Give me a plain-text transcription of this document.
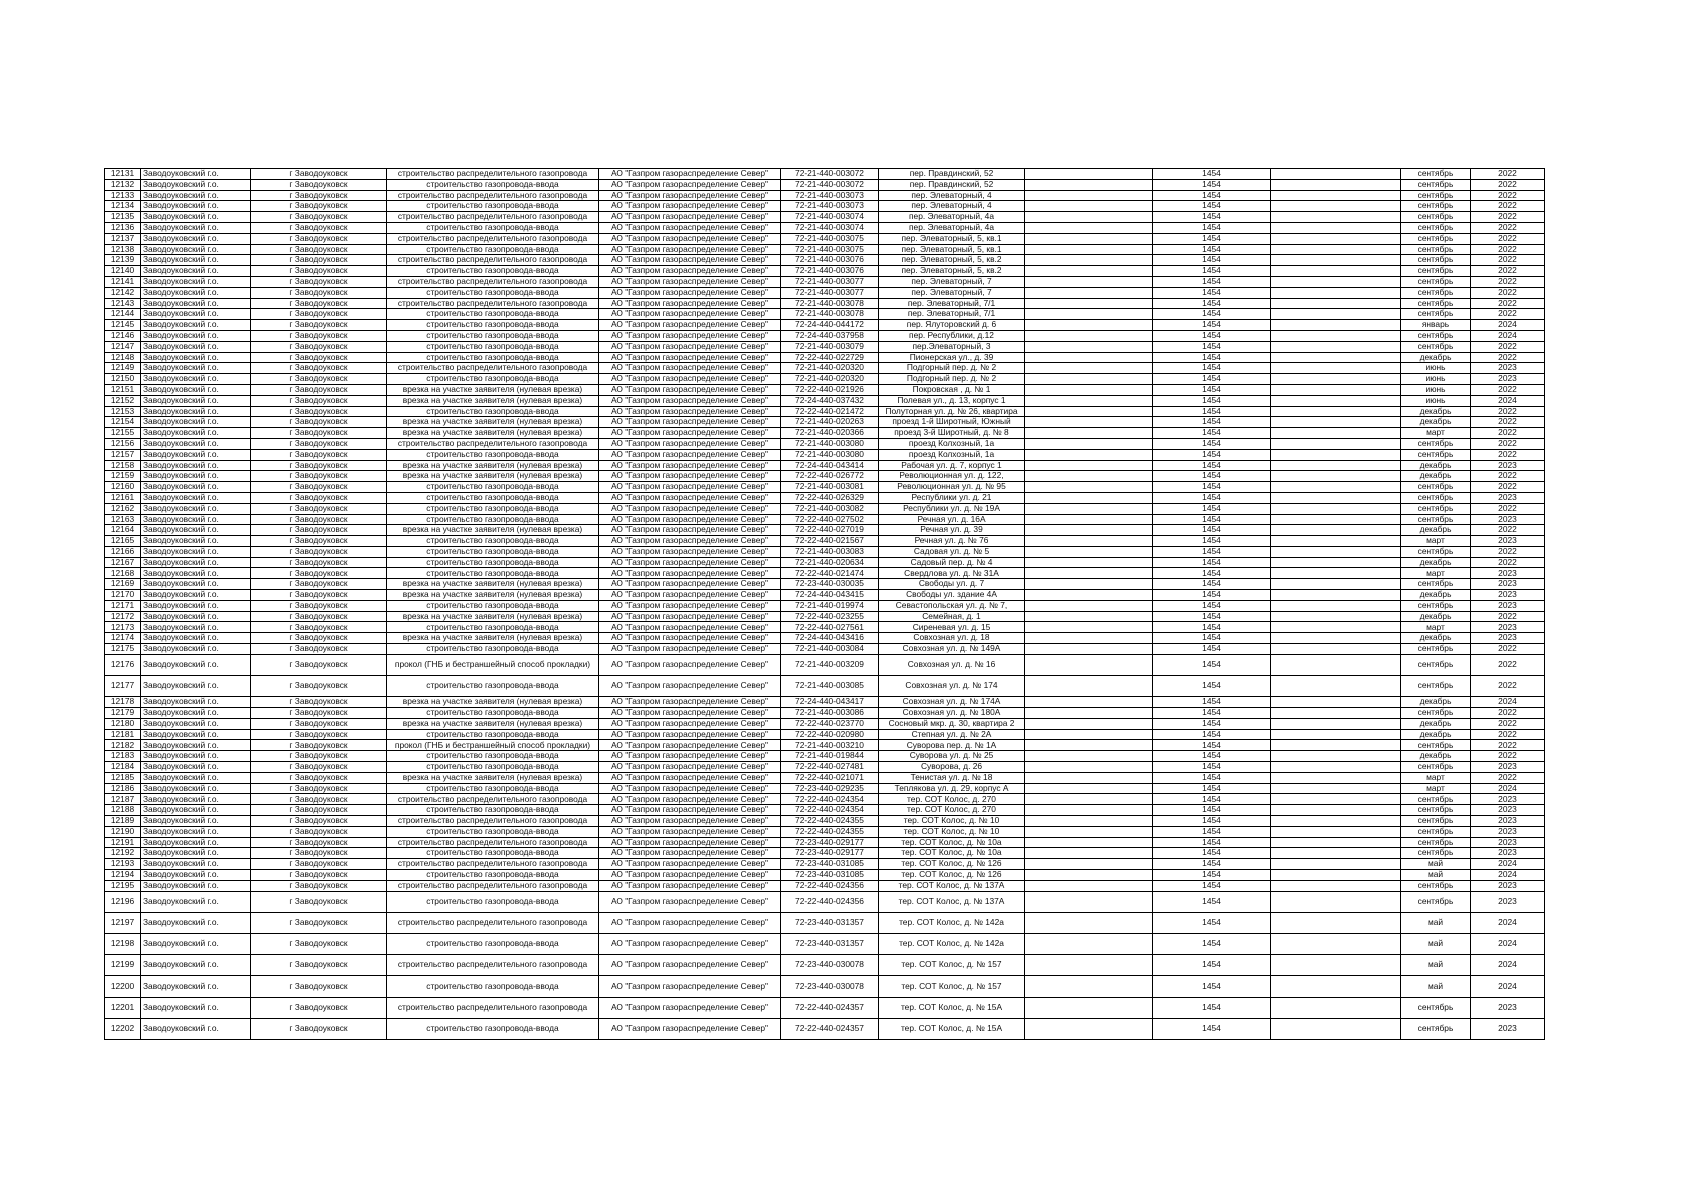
12131	Заводоуковский г.о.	г Заводоуковск	строительство распределительного газопровода	АО "Газпром газораспределение Север"	72-21-440-003072	пер. Правдинский, 52		1454		сентябрь	2022
12132	Заводоуковский г.о.	г Заводоуковск	строительство газопровода-ввода	АО "Газпром газораспределение Север"	72-21-440-003072	пер. Правдинский, 52		1454		сентябрь	2022
12133	Заводоуковский г.о.	г Заводоуковск	строительство распределительного газопровода	АО "Газпром газораспределение Север"	72-21-440-003073	пер. Элеваторный, 4		1454		сентябрь	2022
12134	Заводоуковский г.о.	г Заводоуковск	строительство газопровода-ввода	АО "Газпром газораспределение Север"	72-21-440-003073	пер. Элеваторный, 4		1454		сентябрь	2022
12135	Заводоуковский г.о.	г Заводоуковск	строительство распределительного газопровода	АО "Газпром газораспределение Север"	72-21-440-003074	пер. Элеваторный, 4а		1454		сентябрь	2022
12136	Заводоуковский г.о.	г Заводоуковск	строительство газопровода-ввода	АО "Газпром газораспределение Север"	72-21-440-003074	пер. Элеваторный, 4а		1454		сентябрь	2022
12137	Заводоуковский г.о.	г Заводоуковск	строительство распределительного газопровода	АО "Газпром газораспределение Север"	72-21-440-003075	пер. Элеваторный, 5, кв.1		1454		сентябрь	2022
12138	Заводоуковский г.о.	г Заводоуковск	строительство газопровода-ввода	АО "Газпром газораспределение Север"	72-21-440-003075	пер. Элеваторный, 5, кв.1		1454		сентябрь	2022
12139	Заводоуковский г.о.	г Заводоуковск	строительство распределительного газопровода	АО "Газпром газораспределение Север"	72-21-440-003076	пер. Элеваторный, 5, кв.2		1454		сентябрь	2022
12140	Заводоуковский г.о.	г Заводоуковск	строительство газопровода-ввода	АО "Газпром газораспределение Север"	72-21-440-003076	пер. Элеваторный, 5, кв.2		1454		сентябрь	2022
12141	Заводоуковский г.о.	г Заводоуковск	строительство распределительного газопровода	АО "Газпром газораспределение Север"	72-21-440-003077	пер. Элеваторный, 7		1454		сентябрь	2022
12142	Заводоуковский г.о.	г Заводоуковск	строительство газопровода-ввода	АО "Газпром газораспределение Север"	72-21-440-003077	пер. Элеваторный, 7		1454		сентябрь	2022
12143	Заводоуковский г.о.	г Заводоуковск	строительство распределительного газопровода	АО "Газпром газораспределение Север"	72-21-440-003078	пер. Элеваторный, 7/1		1454		сентябрь	2022
12144	Заводоуковский г.о.	г Заводоуковск	строительство газопровода-ввода	АО "Газпром газораспределение Север"	72-21-440-003078	пер. Элеваторный, 7/1		1454		сентябрь	2022
12145	Заводоуковский г.о.	г Заводоуковск	строительство газопровода-ввода	АО "Газпром газораспределение Север"	72-24-440-044172	пер. Ялуторовский д. 6		1454		январь	2024
12146	Заводоуковский г.о.	г Заводоуковск	строительство газопровода-ввода	АО "Газпром газораспределение Север"	72-24-440-037958	пер. Республики, д.12		1454		сентябрь	2024
12147	Заводоуковский г.о.	г Заводоуковск	строительство газопровода-ввода	АО "Газпром газораспределение Север"	72-21-440-003079	пер.Элеваторный, 3		1454		сентябрь	2022
12148	Заводоуковский г.о.	г Заводоуковск	строительство газопровода-ввода	АО "Газпром газораспределение Север"	72-22-440-022729	Пионерская ул., д. 39		1454		декабрь	2022
12149	Заводоуковский г.о.	г Заводоуковск	строительство распределительного газопровода	АО "Газпром газораспределение Север"	72-21-440-020320	Подгорный пер. д. № 2		1454		июнь	2023
12150	Заводоуковский г.о.	г Заводоуковск	строительство газопровода-ввода	АО "Газпром газораспределение Север"	72-21-440-020320	Подгорный пер. д. № 2		1454		июнь	2023
12151	Заводоуковский г.о.	г Заводоуковск	врезка на участке заявителя (нулевая врезка)	АО "Газпром газораспределение Север"	72-22-440-021926	Покровская , д. № 1		1454		июнь	2022
12152	Заводоуковский г.о.	г Заводоуковск	врезка на участке заявителя (нулевая врезка)	АО "Газпром газораспределение Север"	72-24-440-037432	Полевая ул., д. 13, корпус 1		1454		июнь	2024
12153	Заводоуковский г.о.	г Заводоуковск	строительство газопровода-ввода	АО "Газпром газораспределение Север"	72-22-440-021472	Полуторная ул. д. № 26, квартира		1454		декабрь	2022
12154	Заводоуковский г.о.	г Заводоуковск	врезка на участке заявителя (нулевая врезка)	АО "Газпром газораспределение Север"	72-21-440-020263	проезд 1-й Широтный, Южный		1454		декабрь	2022
12155	Заводоуковский г.о.	г Заводоуковск	врезка на участке заявителя (нулевая врезка)	АО "Газпром газораспределение Север"	72-21-440-020366	проезд 3-й Широтный, д. № 8		1454		март	2022
12156	Заводоуковский г.о.	г Заводоуковск	строительство распределительного газопровода	АО "Газпром газораспределение Север"	72-21-440-003080	проезд Колхозный, 1а		1454		сентябрь	2022
12157	Заводоуковский г.о.	г Заводоуковск	строительство газопровода-ввода	АО "Газпром газораспределение Север"	72-21-440-003080	проезд Колхозный, 1а		1454		сентябрь	2022
12158	Заводоуковский г.о.	г Заводоуковск	врезка на участке заявителя (нулевая врезка)	АО "Газпром газораспределение Север"	72-24-440-043414	Рабочая ул. д. 7, корпус 1		1454		декабрь	2023
12159	Заводоуковский г.о.	г Заводоуковск	врезка на участке заявителя (нулевая врезка)	АО "Газпром газораспределение Север"	72-22-440-026772	Революционная ул. д. 122,		1454		декабрь	2022
12160	Заводоуковский г.о.	г Заводоуковск	строительство газопровода-ввода	АО "Газпром газораспределение Север"	72-21-440-003081	Революционная ул. д. № 95		1454		сентябрь	2022
12161	Заводоуковский г.о.	г Заводоуковск	строительство газопровода-ввода	АО "Газпром газораспределение Север"	72-22-440-026329	Республики ул. д. 21		1454		сентябрь	2023
12162	Заводоуковский г.о.	г Заводоуковск	строительство газопровода-ввода	АО "Газпром газораспределение Север"	72-21-440-003082	Республики ул. д. № 19А		1454		сентябрь	2022
12163	Заводоуковский г.о.	г Заводоуковск	строительство газопровода-ввода	АО "Газпром газораспределение Север"	72-22-440-027502	Речная ул. д. 16А		1454		сентябрь	2023
12164	Заводоуковский г.о.	г Заводоуковск	врезка на участке заявителя (нулевая врезка)	АО "Газпром газораспределение Север"	72-22-440-027019	Речная ул. д. 39		1454		декабрь	2022
12165	Заводоуковский г.о.	г Заводоуковск	строительство газопровода-ввода	АО "Газпром газораспределение Север"	72-22-440-021567	Речная ул. д. № 76		1454		март	2023
12166	Заводоуковский г.о.	г Заводоуковск	строительство газопровода-ввода	АО "Газпром газораспределение Север"	72-21-440-003083	Садовая ул. д. № 5		1454		сентябрь	2022
12167	Заводоуковский г.о.	г Заводоуковск	строительство газопровода-ввода	АО "Газпром газораспределение Север"	72-21-440-020634	Садовый пер. д. № 4		1454		декабрь	2022
12168	Заводоуковский г.о.	г Заводоуковск	строительство газопровода-ввода	АО "Газпром газораспределение Север"	72-22-440-021474	Свердлова ул. д. № 31А		1454		март	2023
12169	Заводоуковский г.о.	г Заводоуковск	врезка на участке заявителя (нулевая врезка)	АО "Газпром газораспределение Север"	72-23-440-030035	Свободы ул. д. 7		1454		сентябрь	2023
12170	Заводоуковский г.о.	г Заводоуковск	врезка на участке заявителя (нулевая врезка)	АО "Газпром газораспределение Север"	72-24-440-043415	Свободы ул. здание 4А		1454		декабрь	2023
12171	Заводоуковский г.о.	г Заводоуковск	строительство газопровода-ввода	АО "Газпром газораспределение Север"	72-21-440-019974	Севастопольская ул. д. № 7,		1454		сентябрь	2023
12172	Заводоуковский г.о.	г Заводоуковск	врезка на участке заявителя (нулевая врезка)	АО "Газпром газораспределение Север"	72-22-440-023255	Семейная, д. 1		1454		декабрь	2022
12173	Заводоуковский г.о.	г Заводоуковск	строительство газопровода-ввода	АО "Газпром газораспределение Север"	72-22-440-027561	Сиреневая ул. д. 15		1454		март	2023
12174	Заводоуковский г.о.	г Заводоуковск	врезка на участке заявителя (нулевая врезка)	АО "Газпром газораспределение Север"	72-24-440-043416	Совхозная ул. д. 18		1454		декабрь	2023
12175	Заводоуковский г.о.	г Заводоуковск	строительство газопровода-ввода	АО "Газпром газораспределение Север"	72-21-440-003084	Совхозная ул. д. № 149А		1454		сентябрь	2022
12176	Заводоуковский г.о.	г Заводоуковск	прокол (ГНБ и бестраншейный способ прокладки)	АО "Газпром газораспределение Север"	72-21-440-003209	Совхозная ул. д. № 16		1454		сентябрь	2022
12177	Заводоуковский г.о.	г Заводоуковск	строительство газопровода-ввода	АО "Газпром газораспределение Север"	72-21-440-003085	Совхозная ул. д. № 174		1454		сентябрь	2022
12178	Заводоуковский г.о.	г Заводоуковск	врезка на участке заявителя (нулевая врезка)	АО "Газпром газораспределение Север"	72-24-440-043417	Совхозная ул. д. № 174А		1454		декабрь	2024
12179	Заводоуковский г.о.	г Заводоуковск	строительство газопровода-ввода	АО "Газпром газораспределение Север"	72-21-440-003086	Совхозная ул. д. № 180А		1454		сентябрь	2022
12180	Заводоуковский г.о.	г Заводоуковск	врезка на участке заявителя (нулевая врезка)	АО "Газпром газораспределение Север"	72-22-440-023770	Сосновый мкр. д. 30, квартира 2		1454		декабрь	2022
12181	Заводоуковский г.о.	г Заводоуковск	строительство газопровода-ввода	АО "Газпром газораспределение Север"	72-22-440-020980	Степная ул. д. № 2А		1454		декабрь	2022
12182	Заводоуковский г.о.	г Заводоуковск	прокол (ГНБ и бестраншейный способ прокладки)	АО "Газпром газораспределение Север"	72-21-440-003210	Суворова пер. д. № 1А		1454		сентябрь	2022
12183	Заводоуковский г.о.	г Заводоуковск	строительство газопровода-ввода	АО "Газпром газораспределение Север"	72-21-440-019844	Суворова ул. д. № 25		1454		декабрь	2022
12184	Заводоуковский г.о.	г Заводоуковск	строительство газопровода-ввода	АО "Газпром газораспределение Север"	72-22-440-027481	Суворова, д. 26		1454		сентябрь	2023
12185	Заводоуковский г.о.	г Заводоуковск	врезка на участке заявителя (нулевая врезка)	АО "Газпром газораспределение Север"	72-22-440-021071	Тенистая ул. д. № 18		1454		март	2022
12186	Заводоуковский г.о.	г Заводоуковск	строительство газопровода-ввода	АО "Газпром газораспределение Север"	72-23-440-029235	Теплякова ул. д. 29, корпус А		1454		март	2024
12187	Заводоуковский г.о.	г Заводоуковск	строительство распределительного газопровода	АО "Газпром газораспределение Север"	72-22-440-024354	тер. СОТ Колос, д. 270		1454		сентябрь	2023
12188	Заводоуковский г.о.	г Заводоуковск	строительство газопровода-ввода	АО "Газпром газораспределение Север"	72-22-440-024354	тер. СОТ Колос, д. 270		1454		сентябрь	2023
12189	Заводоуковский г.о.	г Заводоуковск	строительство распределительного газопровода	АО "Газпром газораспределение Север"	72-22-440-024355	тер. СОТ Колос, д. № 10		1454		сентябрь	2023
12190	Заводоуковский г.о.	г Заводоуковск	строительство газопровода-ввода	АО "Газпром газораспределение Север"	72-22-440-024355	тер. СОТ Колос, д. № 10		1454		сентябрь	2023
12191	Заводоуковский г.о.	г Заводоуковск	строительство распределительного газопровода	АО "Газпром газораспределение Север"	72-23-440-029177	тер. СОТ Колос, д. № 10а		1454		сентябрь	2023
12192	Заводоуковский г.о.	г Заводоуковск	строительство газопровода-ввода	АО "Газпром газораспределение Север"	72-23-440-029177	тер. СОТ Колос, д. № 10а		1454		сентябрь	2023
12193	Заводоуковский г.о.	г Заводоуковск	строительство распределительного газопровода	АО "Газпром газораспределение Север"	72-23-440-031085	тер. СОТ Колос, д. № 126		1454		май	2024
12194	Заводоуковский г.о.	г Заводоуковск	строительство газопровода-ввода	АО "Газпром газораспределение Север"	72-23-440-031085	тер. СОТ Колос, д. № 126		1454		май	2024
12195	Заводоуковский г.о.	г Заводоуковск	строительство распределительного газопровода	АО "Газпром газораспределение Север"	72-22-440-024356	тер. СОТ Колос, д. № 137А		1454		сентябрь	2023
12196	Заводоуковский г.о.	г Заводоуковск	строительство газопровода-ввода	АО "Газпром газораспределение Север"	72-22-440-024356	тер. СОТ Колос, д. № 137А		1454		сентябрь	2023
12197	Заводоуковский г.о.	г Заводоуковск	строительство распределительного газопровода	АО "Газпром газораспределение Север"	72-23-440-031357	тер. СОТ Колос, д. № 142а		1454		май	2024
12198	Заводоуковский г.о.	г Заводоуковск	строительство газопровода-ввода	АО "Газпром газораспределение Север"	72-23-440-031357	тер. СОТ Колос, д. № 142а		1454		май	2024
12199	Заводоуковский г.о.	г Заводоуковск	строительство распределительного газопровода	АО "Газпром газораспределение Север"	72-23-440-030078	тер. СОТ Колос, д. № 157		1454		май	2024
12200	Заводоуковский г.о.	г Заводоуковск	строительство газопровода-ввода	АО "Газпром газораспределение Север"	72-23-440-030078	тер. СОТ Колос, д. № 157		1454		май	2024
12201	Заводоуковский г.о.	г Заводоуковск	строительство распределительного газопровода	АО "Газпром газораспределение Север"	72-22-440-024357	тер. СОТ Колос, д. № 15А		1454		сентябрь	2023
12202	Заводоуковский г.о.	г Заводоуковск	строительство газопровода-ввода	АО "Газпром газораспределение Север"	72-22-440-024357	тер. СОТ Колос, д. № 15А		1454		сентябрь	2023
